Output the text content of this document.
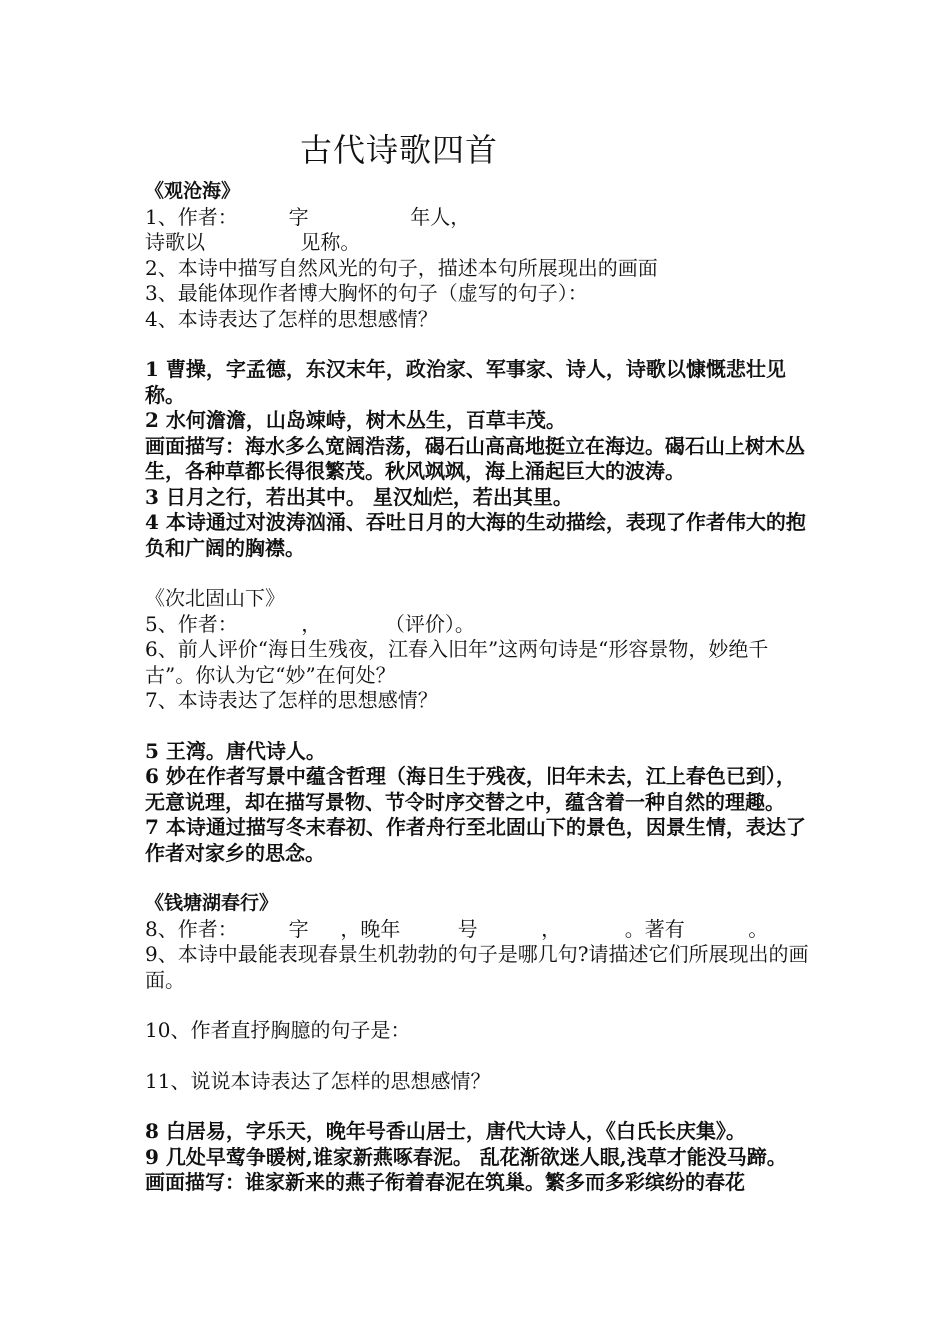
古代诗歌四首
《观沧海》
1、作者：        字                年人，
诗歌以               见称。
2、本诗中描写自然风光的句子，描述本句所展现出的画面
3、最能体现作者博大胸怀的句子（虚写的句子）：
4、本诗表达了怎样的思想感情？
1 曹操，字孟德，东汉末年，政治家、军事家、诗人，诗歌以慷慨悲壮见称。
2 水何澹澹，山岛竦峙，树木丛生，百草丰茂。
画面描写：海水多么宽阔浩荡，碣石山高高地挺立在海边。碣石山上树木丛生，各种草都长得很繁茂。秋风飒飒，海上涌起巨大的波涛。
3 日月之行，若出其中。 星汉灿烂，若出其里。
4 本诗通过对波涛汹涌、吞吐日月的大海的生动描绘，表现了作者伟大的抱负和广阔的胸襟。
《次北固山下》
5、作者：          ，          （评价）。
6、前人评价“海日生残夜，江春入旧年”这两句诗是“形容景物，妙绝千古”。你认为它“妙”在何处？
7、本诗表达了怎样的思想感情？
5 王湾。唐代诗人。
6 妙在作者写景中蕴含哲理（海日生于残夜，旧年未去，江上春色已到），无意说理，却在描写景物、节令时序交替之中，蕴含着一种自然的理趣。
7 本诗通过描写冬末春初、作者舟行至北固山下的景色，因景生情，表达了作者对家乡的思念。
《钱塘湖春行》
8、作者：        字     ，晚年         号          ，          。著有          。
9、本诗中最能表现春景生机勃勃的句子是哪几句?请描述它们所展现出的画面。
10、作者直抒胸臆的句子是：
11、说说本诗表达了怎样的思想感情？
8 白居易，字乐天，晚年号香山居士，唐代大诗人，《白氏长庆集》。
9 几处早莺争暖树,谁家新燕啄春泥。 乱花渐欲迷人眼,浅草才能没马蹄。
画面描写：谁家新来的燕子衔着春泥在筑巢。繁多而多彩缤纷的春花
